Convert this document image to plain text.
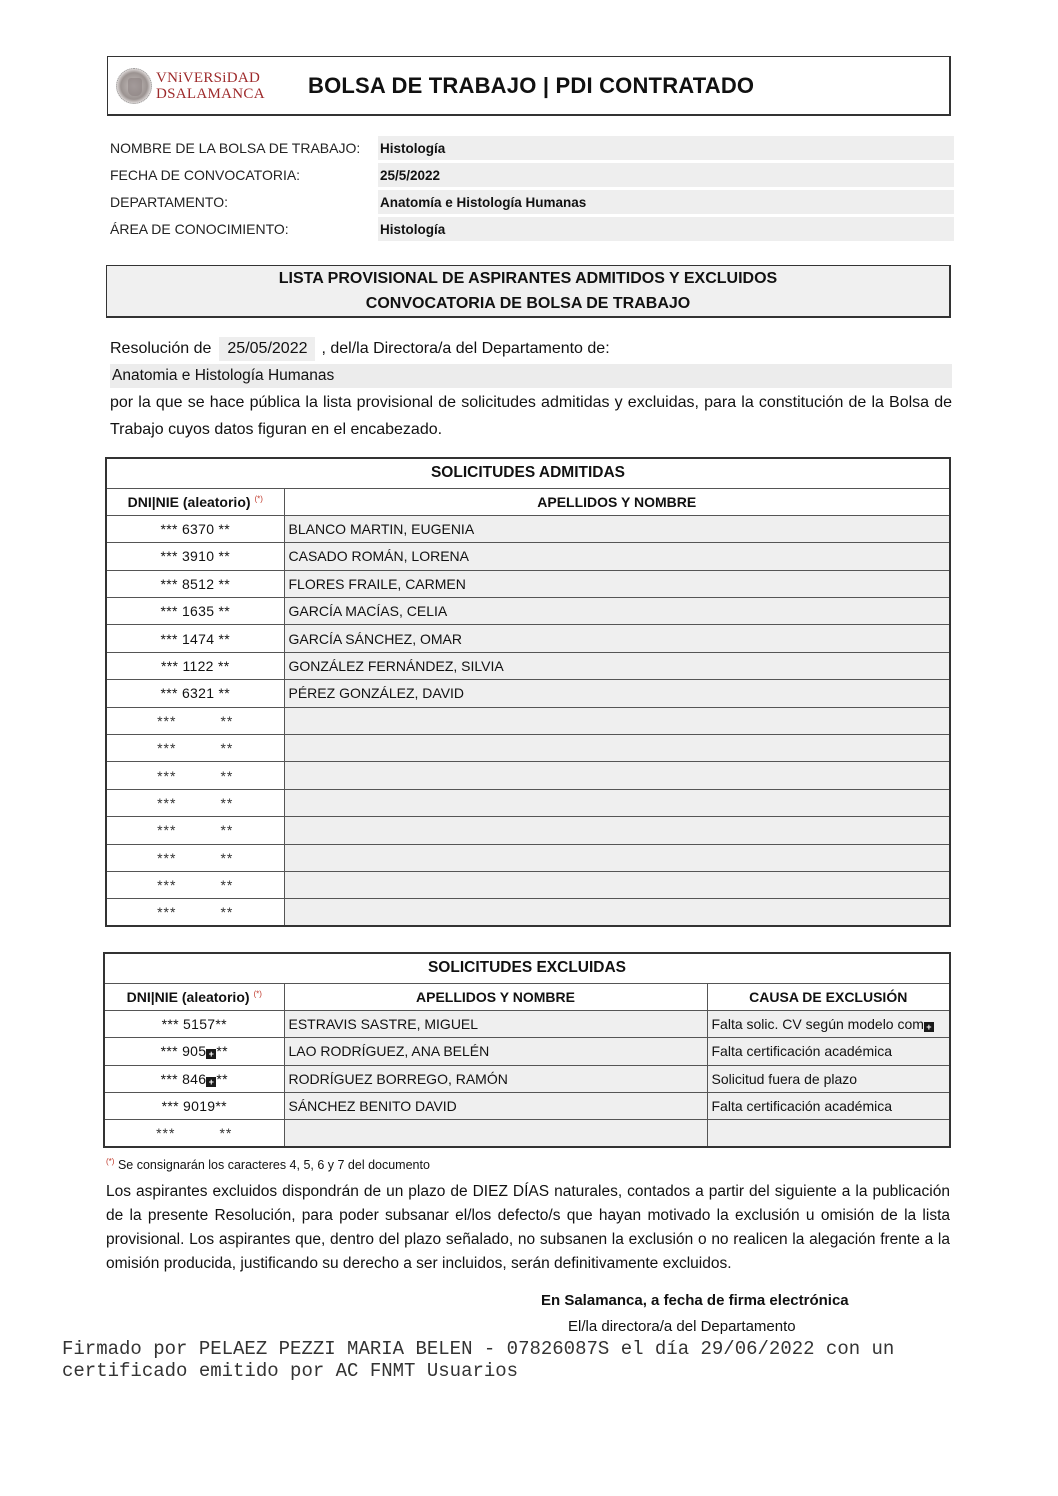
VNiVERSiDAD
DSALAMANCA BOLSA DE TRABAJO | PDI CONTRATADO
NOMBRE DE LA BOLSA DE TRABAJO:	Histología
FECHA DE CONVOCATORIA:	25/5/2022
DEPARTAMENTO:	Anatomía e Histología Humanas
ÁREA DE CONOCIMIENTO:	Histología
LISTA PROVISIONAL DE ASPIRANTES ADMITIDOS Y EXCLUIDOS
CONVOCATORIA DE BOLSA DE TRABAJO
Resolución de	25/05/2022 , del/la Directora/a del Departamento de:
Anatomia e Histología Humanas
por la que se hace pública la lista provisional de solicitudes admitidas y excluidas, para la constitución de la Bolsa de Trabajo cuyos datos figuran en el encabezado.
SOLICITUDES ADMITIDAS	
DNI|NIE (aleatorio) (*)	APELLIDOS Y NOMBRE
*** 6370 **	BLANCO MARTIN, EUGENIA
*** 3910 **	CASADO ROMÁN, LORENA
*** 8512 **	FLORES FRAILE, CARMEN
*** 1635 **	GARCÍA MACÍAS, CELIA
*** 1474 **	GARCÍA SÁNCHEZ, OMAR
*** 1122 **	GONZÁLEZ FERNÁNDEZ, SILVIA
*** 6321 **	PÉREZ GONZÁLEZ, DAVID
*** **	
*** **	
*** **	
*** **	
*** **	
*** **	
*** **	
*** **	
SOLICITUDES EXCLUIDAS		
DNI|NIE (aleatorio) (*)	APELLIDOS Y NOMBRE	CAUSA DE EXCLUSIÓN
*** 5157**	ESTRAVIS SASTRE, MIGUEL	Falta solic. CV según modelo com +
*** 905 + **	LAO RODRÍGUEZ, ANA BELÉN	Falta certificación académica
*** 846 + **	RODRÍGUEZ BORREGO, RAMÓN	Solicitud fuera de plazo
*** 9019**	SÁNCHEZ BENITO DAVID	Falta certificación académica
*** **		
(*) Se consignarán los caracteres 4, 5, 6 y 7 del documento
Los aspirantes excluidos dispondrán de un plazo de DIEZ DÍAS naturales, contados a partir del siguiente a la publicación de la presente Resolución, para poder subsanar el/los defecto/s que hayan motivado la exclusión u omisión de la lista provisional. Los aspirantes que, dentro del plazo señalado, no subsanen la exclusión o no realicen la alegación frente a la omisión producida, justificando su derecho a ser incluidos, serán definitivamente excluidos.
En Salamanca, a fecha de firma electrónica
El/la directora/a del Departamento
Firmado por PELAEZ PEZZI MARIA BELEN - 07826087S el día 29/06/2022 con un certificado emitido por AC FNMT Usuarios
